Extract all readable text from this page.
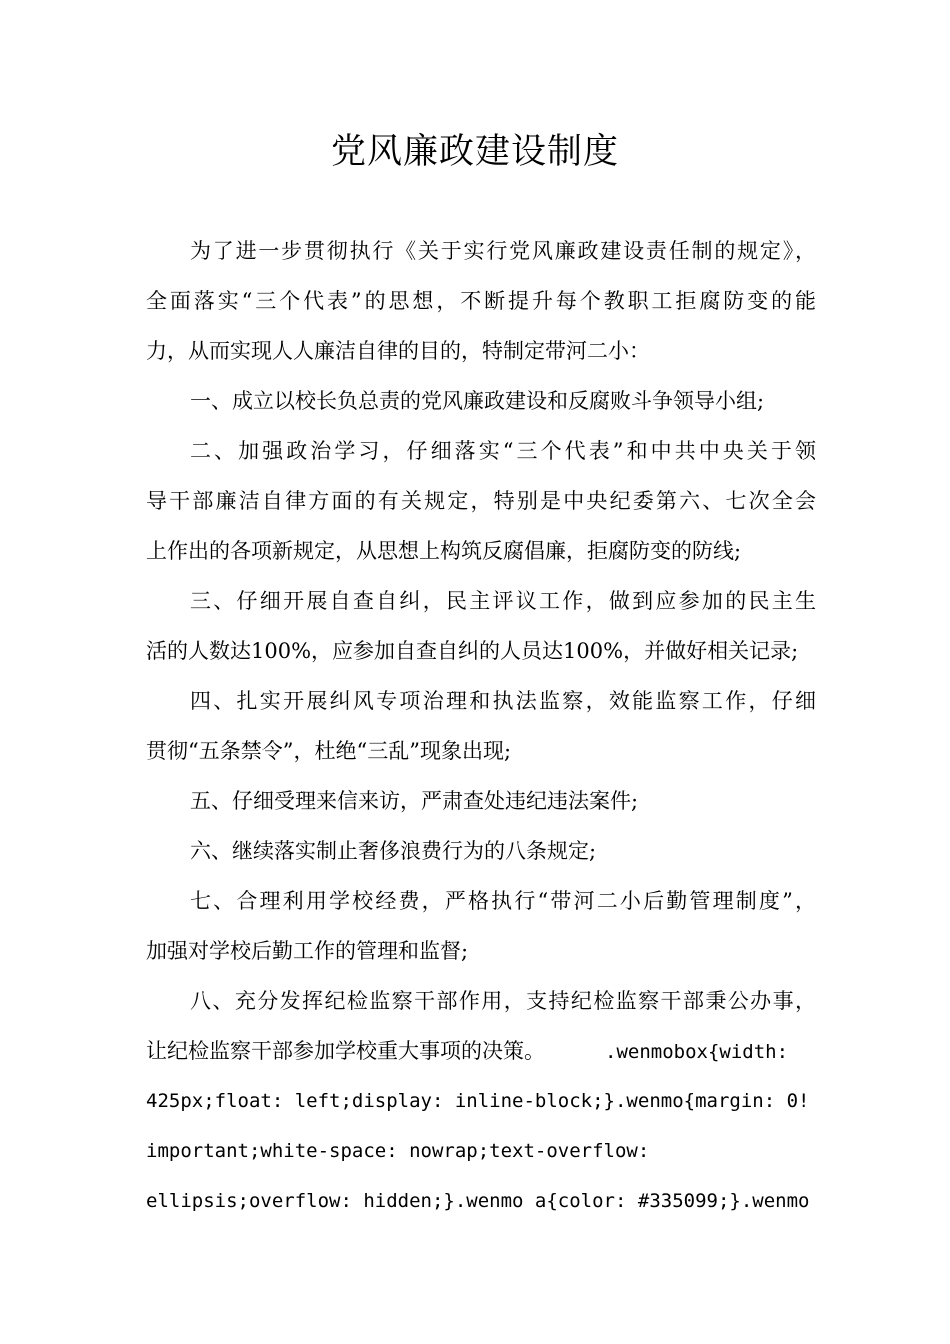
党风廉政建设制度

为了进一步贯彻执行《关于实行党风廉政建设责任制的规定》，

全面落实“三个代表”的思想，不断提升每个教职工拒腐防变的能

力，从而实现人人廉洁自律的目的，特制定带河二小：

一、成立以校长负总责的党风廉政建设和反腐败斗争领导小组;

二、加强政治学习，仔细落实“三个代表”和中共中央关于领

导干部廉洁自律方面的有关规定，特别是中央纪委第六、七次全会

上作出的各项新规定，从思想上构筑反腐倡廉，拒腐防变的防线;

三、仔细开展自查自纠，民主评议工作，做到应参加的民主生

活的人数达100%，应参加自查自纠的人员达100%，并做好相关记录;

四、扎实开展纠风专项治理和执法监察，效能监察工作，仔细

贯彻“五条禁令”，杜绝“三乱”现象出现;

五、仔细受理来信来访，严肃查处违纪违法案件;

六、继续落实制止奢侈浪费行为的八条规定;

七、合理利用学校经费，严格执行“带河二小后勤管理制度”，

加强对学校后勤工作的管理和监督;

八、充分发挥纪检监察干部作用，支持纪检监察干部秉公办事，

让纪检监察干部参加学校重大事项的决策。	.wenmobox{width:

425px;float: left;display: inline-block;}.wenmo{margin: 0!

important;white-space: nowrap;text-overflow:

ellipsis;overflow: hidden;}.wenmo a{color: #335099;}.wenmo
